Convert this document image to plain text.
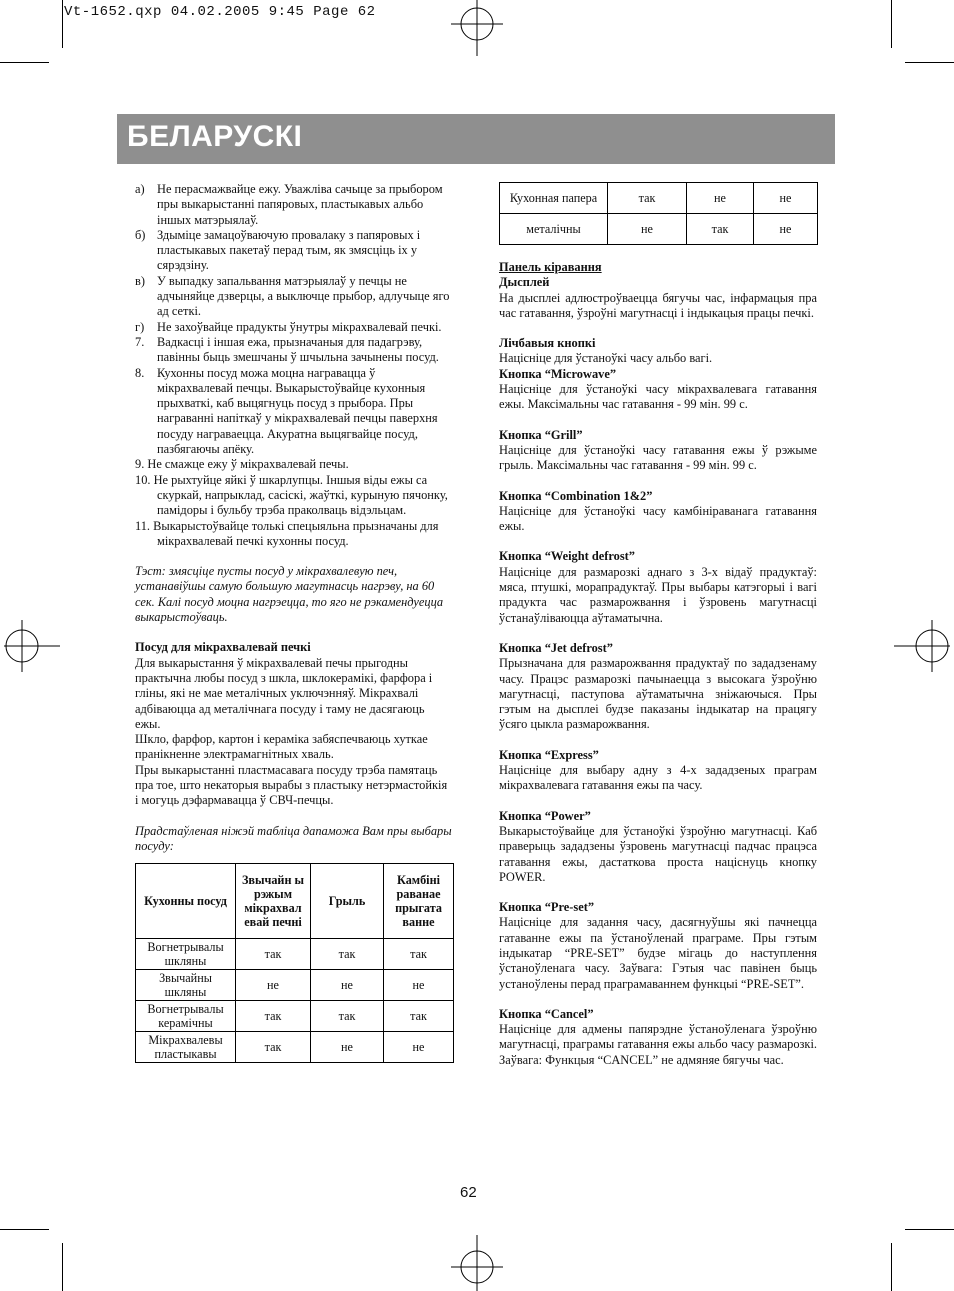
Vt-1652.qxp 04.02.2005 9:45 Page 62
БЕЛАРУСКІ
а) Не перасмажвайце ежу. Уважліва сачыце за прыбором пры выкарыстанні папяровых, пластыкавых альбо іншых матэрыялаў.
б) Здыміце замацоўваючую провалаку з папяровых і пластыкавых пакетаў перад тым, як змясціць іх у сярэдзіну.
в) У выпадку запальвання матэрыялаў у печцы не адчыняйце дзверцы, а выключце прыбор, адлучыце яго ад сеткі.
г)	Не захоўвайце прадукты ўнутры мікрахвалевай печкі.
7.	Вадкасці і іншая ежа, прызначаныя для падагрэву, павінны быць змешчаны ў шчыльна зачынены посуд.
8.	Кухонны посуд можа моцна награвацца ў мікрахвалевай печцы. Выкарыстоўвайце кухонныя прыхваткі, каб выцягнуць посуд з прыбора. Пры награванні напіткаў у мікрахвалевай печцы паверхня посуду награваецца. Акуратна выцягвайце посуд, пазбягаючы апёку.
9. Не смажце ежу ў мікрахвалевай печы.
10. Не рыхтуйце яйкі ў шкарлупцы. Іншыя віды ежы са скуркай, напрыклад, сасіскі, жаўткі, курыную пячонку, памідоры і бульбу трэба праколваць відэльцам.
11. Выкарыстоўвайце толькі спецыяльна прызначаны для мікрахвалевай печкі кухонны посуд.
Тэст: змясціце пусты посуд у мікрахвалевую печ, устанавіўшы самую большую магутнасць нагрэву, на 60 сек. Калі посуд моцна нагрэецца, то яго не рэкамендуецца выкарыстоўваць.
Посуд для мікрахвалевай печкі
Для выкарыстання ў мікрахвалевай печы прыгодны практычна любы посуд з шкла, шклокерамікі, фарфора і гліны, які не мае металічных уключэнняў. Мікрахвалі адбіваюцца ад металічнага посуду і таму не дасягаюць ежы.
Шкло, фарфор, картон і кераміка забяспечваюць хуткае пранікненне электрамагнітных хваль.
Пры выкарыстанні пластмасавага посуду трэба памятаць пра тое, што некаторыя вырабы з пластыку нетэрмастойкія і могуць дэфармавацца ў СВЧ-печцы.
Прадстаўленая ніжэй табліца дапаможа Вам пры выбары посуду:
Кухонны посуд	Звычайн ы рэжым мікрахвал евай печні	Грыль	Камбіні раванае прыгата ванне
Вогнетрывалы шкляны	так	так	так
Звычайны шкляны	не	не	не
Вогнетрывалы керамічны	так	так	так
Мікрахвалевы пластыкавы	так	не	не
Кухонная папера	так	не	не
металічны	не	так	не
Панель кіравання
Дысплей
На дысплеі адлюстроўваецца бягучы час, інфармацыя пра час гатавання, ўзроўні магутнасці і індыкацыя працы печкі.
Лічбавыя кнопкі
Націсніце для ўстаноўкі часу альбо вагі.
Кнопка “Microwave”
Націсніце для ўстаноўкі часу мікрахвалевага гатавання ежы. Максімальны час гатавання - 99 мін. 99 с.
Кнопка “Grill”
Націсніце для ўстаноўкі часу гатавання ежы ў рэжыме грыль. Максімальны час гатавання - 99 мін. 99 с.
Кнопка “Combination 1&2”
Націсніце для ўстаноўкі часу камбініраванага гатавання ежы.
Кнопка “Weight defrost”
Націсніце для размарозкі аднаго з 3-х відаў прадуктаў: мяса, птушкі, морапрадуктаў. Пры выбары катэгорыі і вагі прадукта час размарожвання і ўзровень магутнасці ўстанаўліваюцца аўтаматычна.
Кнопка “Jet defrost”
Прызначана для размарожвання прадуктаў по зададзенаму часу. Працэс размарозкі пачынаецца з высокага ўзроўню магутнасці, паступова аўтаматычна зніжаючыся. Пры гэтым на дысплеі будзе паказаны індыкатар на працягу ўсяго цыкла размарожвання.
Кнопка “Express”
Націсніце для выбару адну з 4-х зададзеных праграм мікрахвалевага гатавання ежы па часу.
Кнопка “Power”
Выкарыстоўвайце для ўстаноўкі ўзроўню магутнасці. Каб праверыць зададзены ўзровень магутнасці падчас працэса гатавання ежы, дастаткова проста націснуць кнопку POWER.
Кнопка “Pre-set”
Націсніце для задання часу, дасягнуўшы які пачнецца гатаванне ежы па ўстаноўленай праграме. Пры гэтым індыкатар “PRE-SET” будзе мігаць до наступлення ўстаноўленага часу. Заўвага: Гэтыя час павінен быць устаноўлены перад праграмаваннем функцыі “PRE-SET”.
Кнопка “Cancel”
Націсніце для адмены папярэдне ўстаноўленага ўзроўню магутнасці, праграмы гатавання ежы альбо часу размарозкі. Заўвага: Функцыя “CANCEL” не адмяняе бягучы час.
62
